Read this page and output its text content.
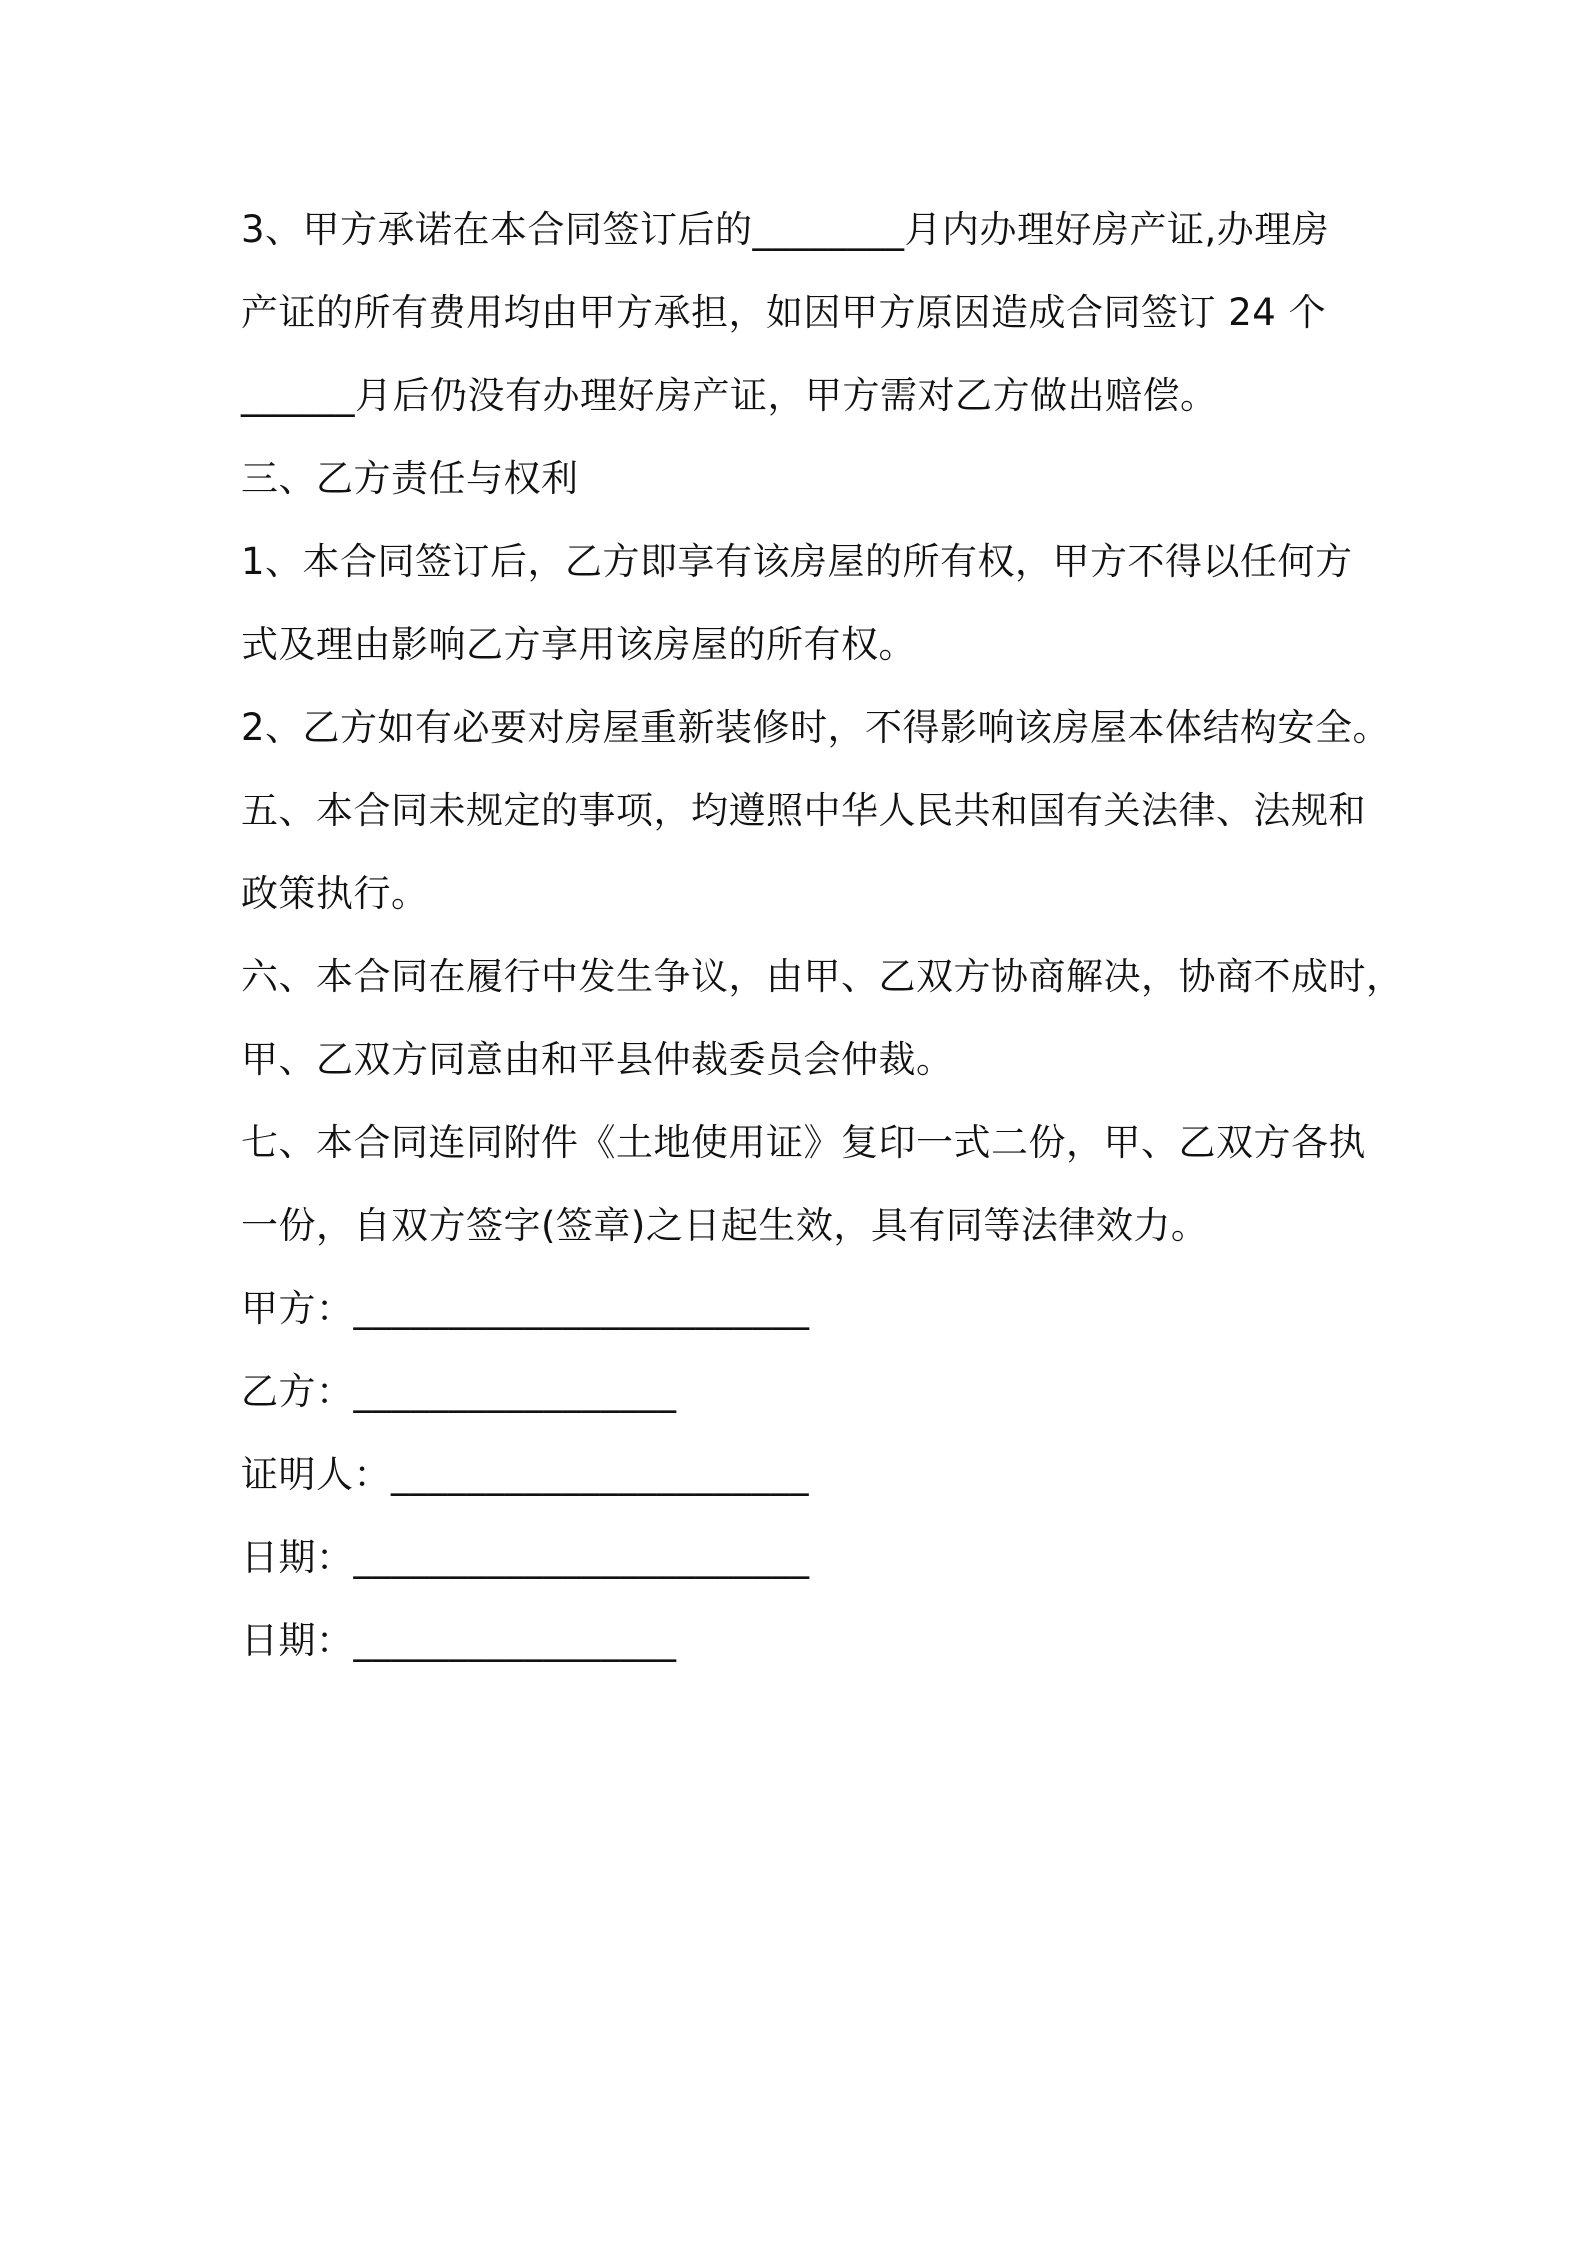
3、甲方承诺在本合同签订后的________月内办理好房产证,办理房
产证的所有费用均由甲方承担，如因甲方原因造成合同签订 24 个
______月后仍没有办理好房产证，甲方需对乙方做出赔偿。
三、乙方责任与权利
1、本合同签订后，乙方即享有该房屋的所有权，甲方不得以任何方
式及理由影响乙方享用该房屋的所有权。
2、乙方如有必要对房屋重新装修时，不得影响该房屋本体结构安全。
五、本合同未规定的事项，均遵照中华人民共和国有关法律、法规和
政策执行。
六、本合同在履行中发生争议，由甲、乙双方协商解决，协商不成时，
甲、乙双方同意由和平县仲裁委员会仲裁。
七、本合同连同附件《土地使用证》复印一式二份，甲、乙双方各执
一份，自双方签字(签章)之日起生效，具有同等法律效力。
甲方：________________________
乙方：_________________
证明人：______________________
日期：________________________
日期：_________________
